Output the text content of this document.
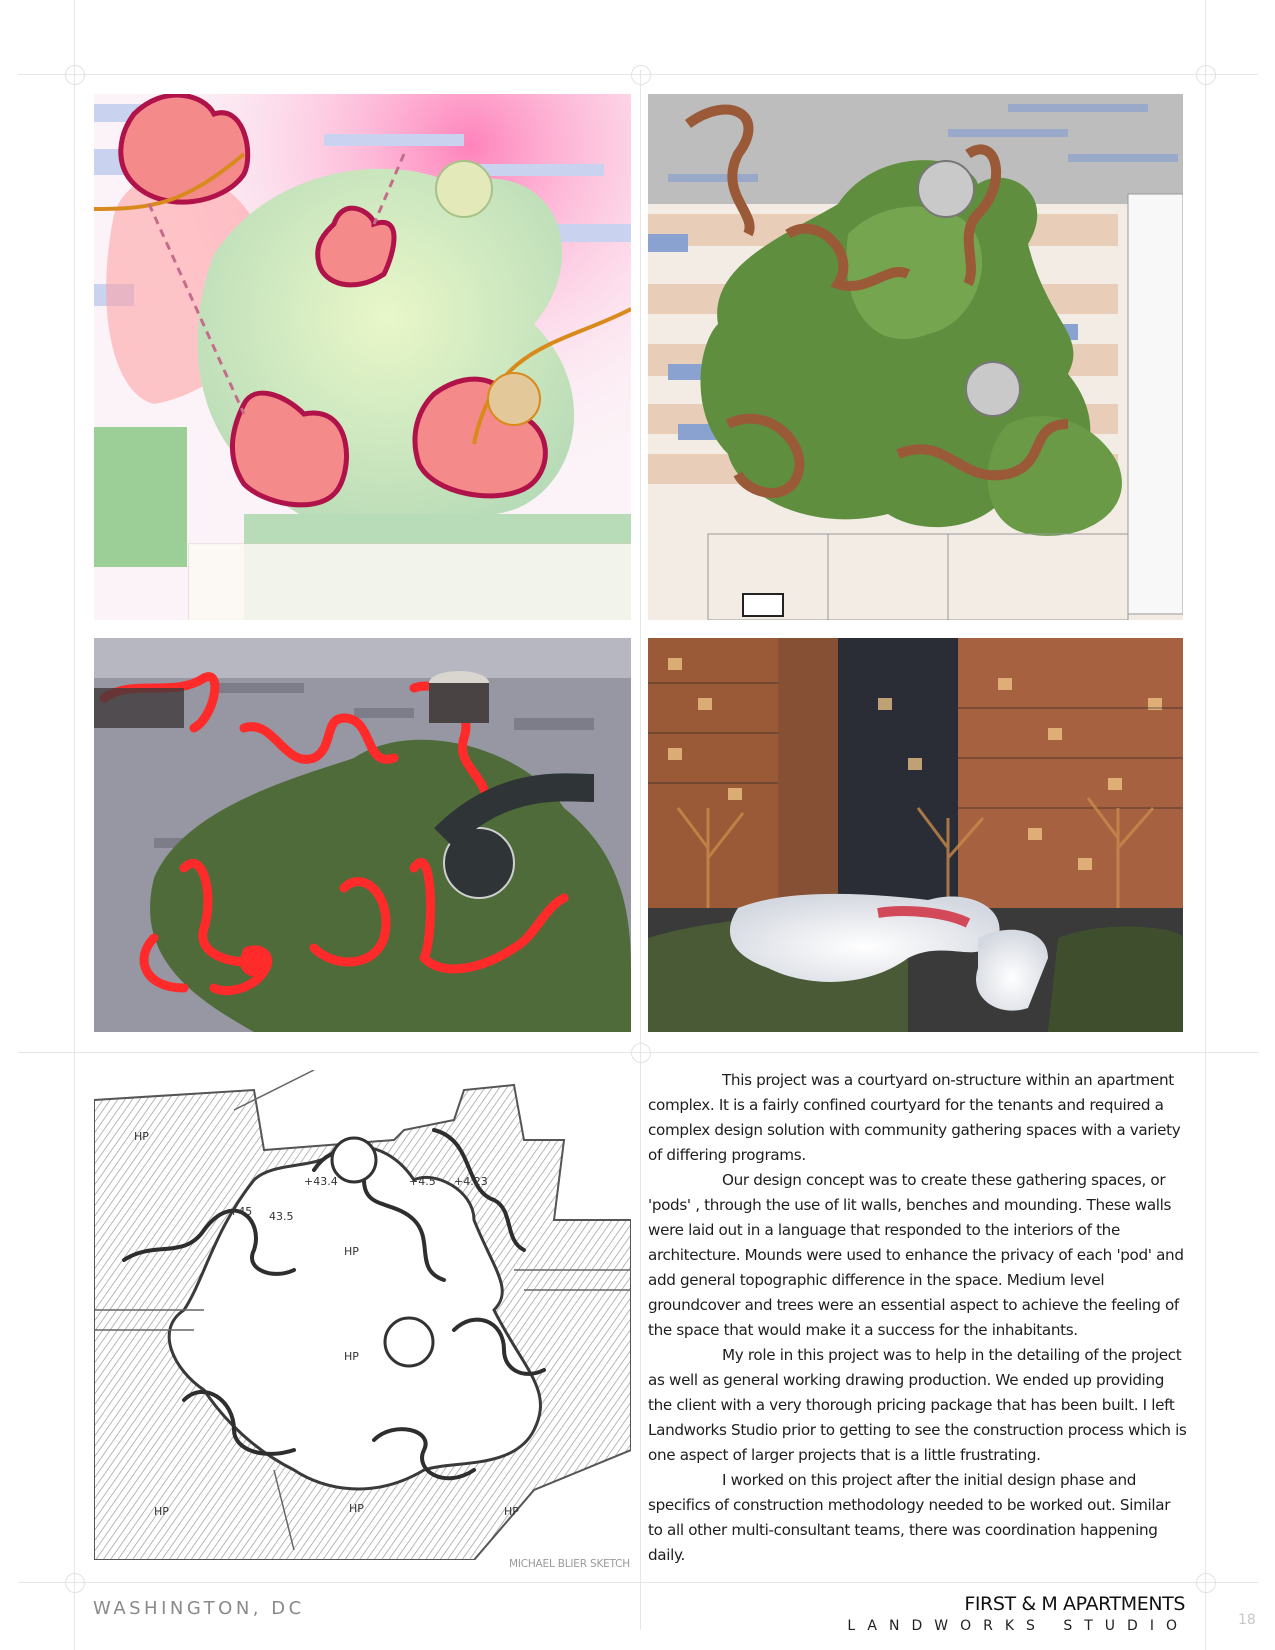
HP
+43.4	+4.5 +4.23
+45 43.5
HP
HP
HP	HP	HP
MICHAEL BLIER SKETCH

This project was a courtyard on-structure within an apartment complex. It is a fairly confined courtyard for the tenants and required a complex design solution with community gathering spaces with a variety of differing programs.

Our design concept was to create these gathering spaces, or 'pods' , through the use of lit walls, benches and mounding. These walls were laid out in a language that responded to the interiors of the architecture. Mounds were used to enhance the privacy of each 'pod' and add general topographic difference in the space. Medium level groundcover and trees were an essential aspect to achieve the feeling of the space that would make it a success for the inhabitants.

My role in this project was to help in the detailing of the project as well as general working drawing production. We ended up providing the client with a very thorough pricing package that has been built. I left Landworks Studio prior to getting to see the construction process which is one aspect of larger projects that is a little frustrating.

I worked on this project after the initial design phase and specifics of construction methodology needed to be worked out. Similar to all other multi-consultant teams, there was coordination happening daily.

WASHINGTON, DC	FIRST & M APARTMENTS
LANDWORKS STUDIO	18
